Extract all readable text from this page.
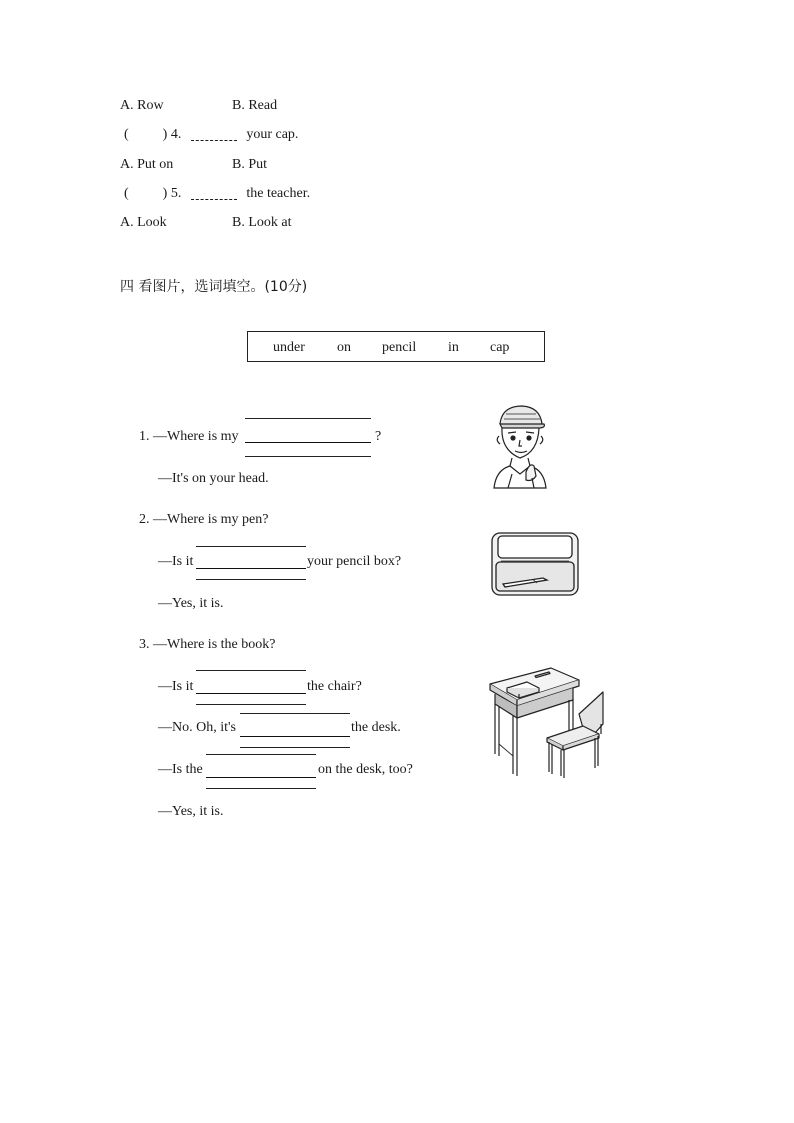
A. Row	B. Read
( ) 4.	your cap.
A. Put on	B. Put
( ) 5.	the teacher.
A. Look	B. Look at
四 看图片，选词填空。(10分)
under on pencil in cap
1. —Where is my	?
—It's on your head.
2. —Where is my pen?
—Is it	your pencil box?
—Yes, it is.
3. —Where is the book?
—Is it	the chair?
—No. Oh, it's	the desk.
—Is the	on the desk, too?
—Yes, it is.
